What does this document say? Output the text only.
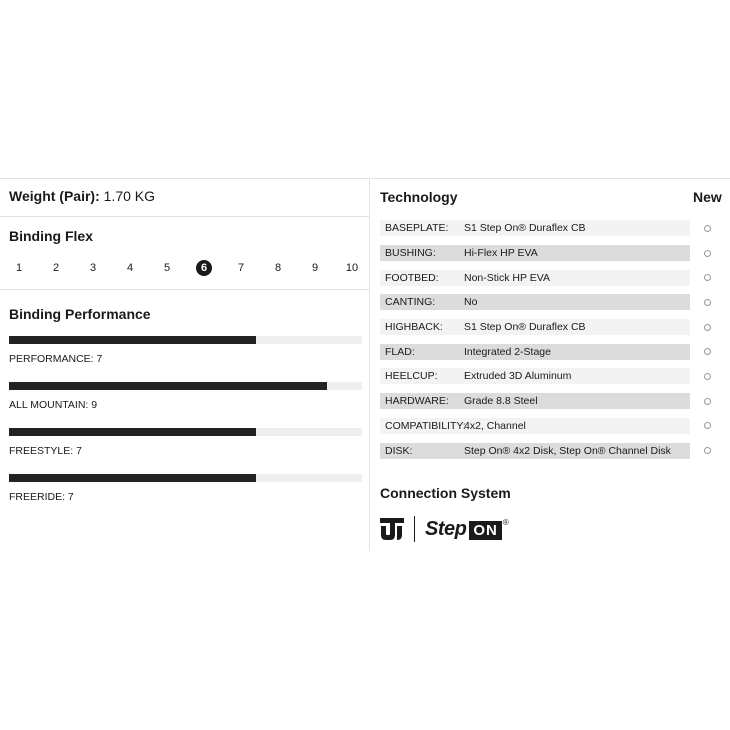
Weight (Pair): 1.70 KG
Binding Flex
1	2	3	4	5	6	7	8	9	10
Binding Performance
PERFORMANCE: 7
ALL MOUNTAIN: 9
FREESTYLE: 7
FREERIDE: 7
Technology	New
BASEPLATE:	S1 Step On® Duraflex CB
BUSHING:	Hi-Flex HP EVA
FOOTBED:	Non-Stick HP EVA
CANTING:	No
HIGHBACK:	S1 Step On® Duraflex CB
FLAD:	Integrated 2-Stage
HEELCUP:	Extruded 3D Aluminum
HARDWARE:	Grade 8.8 Steel
COMPATIBILITY:
4x2, Channel
DISK:	Step On® 4x2 Disk, Step On® Channel Disk
Connection System
Step ON ®
